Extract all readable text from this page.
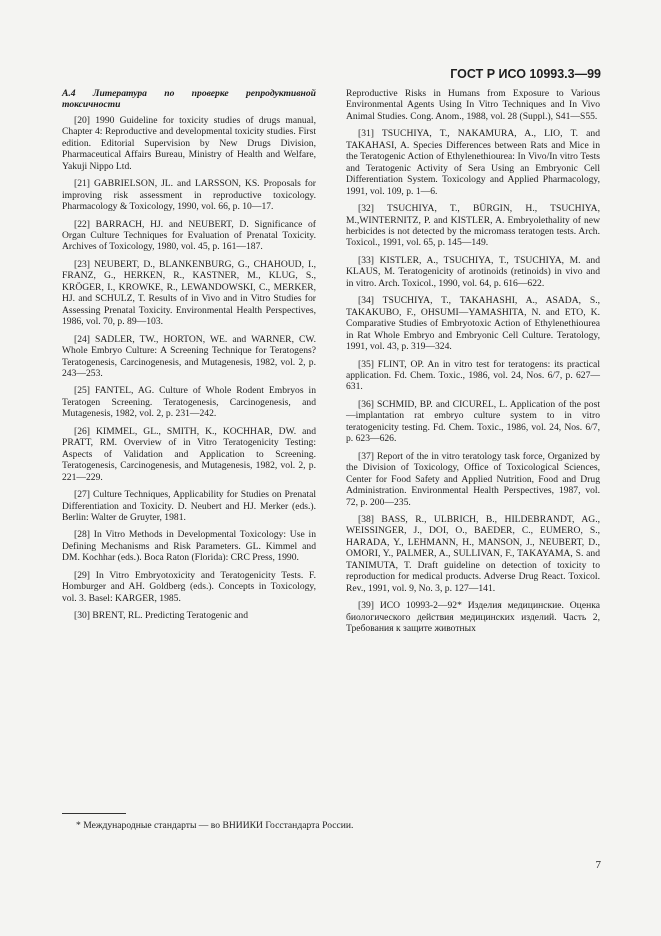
ГОСТ Р ИСО 10993.3—99

А.4 Литература по проверке репродуктивной токсичности

[20] 1990 Guideline for toxicity studies of drugs manual, Chapter 4: Reproductive and developmental toxicity studies. First edition. Editorial Supervision by New Drugs Division, Pharmaceutical Affairs Bureau, Ministry of Health and Welfare, Yakuji Nippo Ltd.

[21] GABRIELSON, JL. and LARSSON, KS. Proposals for improving risk assessment in reproductive toxicology. Pharmacology & Toxicology, 1990, vol. 66, p. 10—17.

[22] BARRACH, HJ. and NEUBERT, D. Significance of Organ Culture Techniques for Evaluation of Prenatal Toxicity. Archives of Toxicology, 1980, vol. 45, p. 161—187.

[23] NEUBERT, D., BLANKENBURG, G., CHAHOUD, I., FRANZ, G., HERKEN, R., KASTNER, M., KLUG, S., KRÖGER, I., KROWKE, R., LEWANDOWSKI, C., MERKER, HJ. and SCHULZ, T. Results of in Vivo and in Vitro Studies for Assessing Prenatal Toxicity. Environmental Health Perspectives, 1986, vol. 70, p. 89—103.

[24] SADLER, TW., HORTON, WE. and WARNER, CW. Whole Embryo Culture: A Screening Technique for Teratogens? Teratogenesis, Carcinogenesis, and Mutagenesis, 1982, vol. 2, p. 243—253.

[25] FANTEL, AG. Culture of Whole Rodent Embryos in Teratogen Screening. Teratogenesis, Carcinogenesis, and Mutagenesis, 1982, vol. 2, p. 231—242.

[26] KIMMEL, GL., SMITH, K., KOCHHAR, DW. and PRATT, RM. Overview of in Vitro Teratogenicity Testing: Aspects of Validation and Application to Screening. Teratogenesis, Carcinogenesis, and Mutagenesis, 1982, vol. 2, p. 221—229.

[27] Culture Techniques, Applicability for Studies on Prenatal Differentiation and Toxicity. D. Neubert and HJ. Merker (eds.). Berlin: Walter de Gruyter, 1981.

[28] In Vitro Methods in Developmental Toxicology: Use in Defining Mechanisms and Risk Parameters. GL. Kimmel and DM. Kochhar (eds.). Boca Raton (Florida): CRC Press, 1990.

[29] In Vitro Embryotoxicity and Teratogenicity Tests. F. Homburger and AH. Goldberg (eds.). Concepts in Toxicology, vol. 3. Basel: KARGER, 1985.

[30] BRENT, RL. Predicting Teratogenic and

Reproductive Risks in Humans from Exposure to Various Environmental Agents Using In Vitro Techniques and In Vivo Animal Studies. Cong. Anom., 1988, vol. 28 (Suppl.), S41—S55.

[31] TSUCHIYA, T., NAKAMURA, A., LIO, T. and TAKAHASI, A. Species Differences between Rats and Mice in the Teratogenic Action of Ethylenethiourea: In Vivo/In vitro Tests and Teratogenic Activity of Sera Using an Embryonic Cell Differentiation System. Toxicology and Applied Pharmacology, 1991, vol. 109, p. 1—6.

[32] TSUCHIYA, T., BÜRGIN, H., TSUCHIYA, M.,WINTERNITZ, P. and KISTLER, A. Embryolethality of new herbicides is not detected by the micromass teratogen tests. Arch. Toxicol., 1991, vol. 65, p. 145—149.

[33] KISTLER, A., TSUCHIYA, T., TSUCHIYA, M. and KLAUS, M. Teratogenicity of arotinoids (retinoids) in vivo and in vitro. Arch. Toxicol., 1990, vol. 64, p. 616—622.

[34] TSUCHIYA, T., TAKAHASHI, A., ASADA, S., TAKAKUBO, F., OHSUMI—YAMASHITA, N. and ETO, K. Comparative Studies of Embryotoxic Action of Ethylenethiourea in Rat Whole Embryo and Embryonic Cell Culture. Teratology, 1991, vol. 43, p. 319—324.

[35] FLINT, OP. An in vitro test for teratogens: its practical application. Fd. Chem. Toxic., 1986, vol. 24, Nos. 6/7, p. 627—631.

[36] SCHMID, BP. and CICUREL, L. Application of the post—implantation rat embryo culture system to in vitro teratogenicity testing. Fd. Chem. Toxic., 1986, vol. 24, Nos. 6/7, p. 623—626.

[37] Report of the in vitro teratology task force, Organized by the Division of Toxicology, Office of Toxicological Sciences, Center for Food Safety and Applied Nutrition, Food and Drug Administration. Environmental Health Perspectives, 1987, vol. 72, p. 200—235.

[38] BASS, R., ULBRICH, B., HILDEBRANDT, AG., WEISSINGER, J., DOI, O., BAEDER, C., EUMERO, S., HARADA, Y., LEHMANN, H., MANSON, J., NEUBERT, D., OMORI, Y., PALMER, A., SULLIVAN, F., TAKAYAMA, S. and TANIMUTA, T. Draft guideline on detection of toxicity to reproduction for medical products. Adverse Drug React. Toxicol. Rev., 1991, vol. 9, No. 3, p. 127—141.

[39] ИСО 10993-2—92* Изделия медицинские. Оценка биологического действия медицинских изделий. Часть 2, Требования к защите животных

* Международные стандарты — во ВНИИКИ Госстандарта России.
7
